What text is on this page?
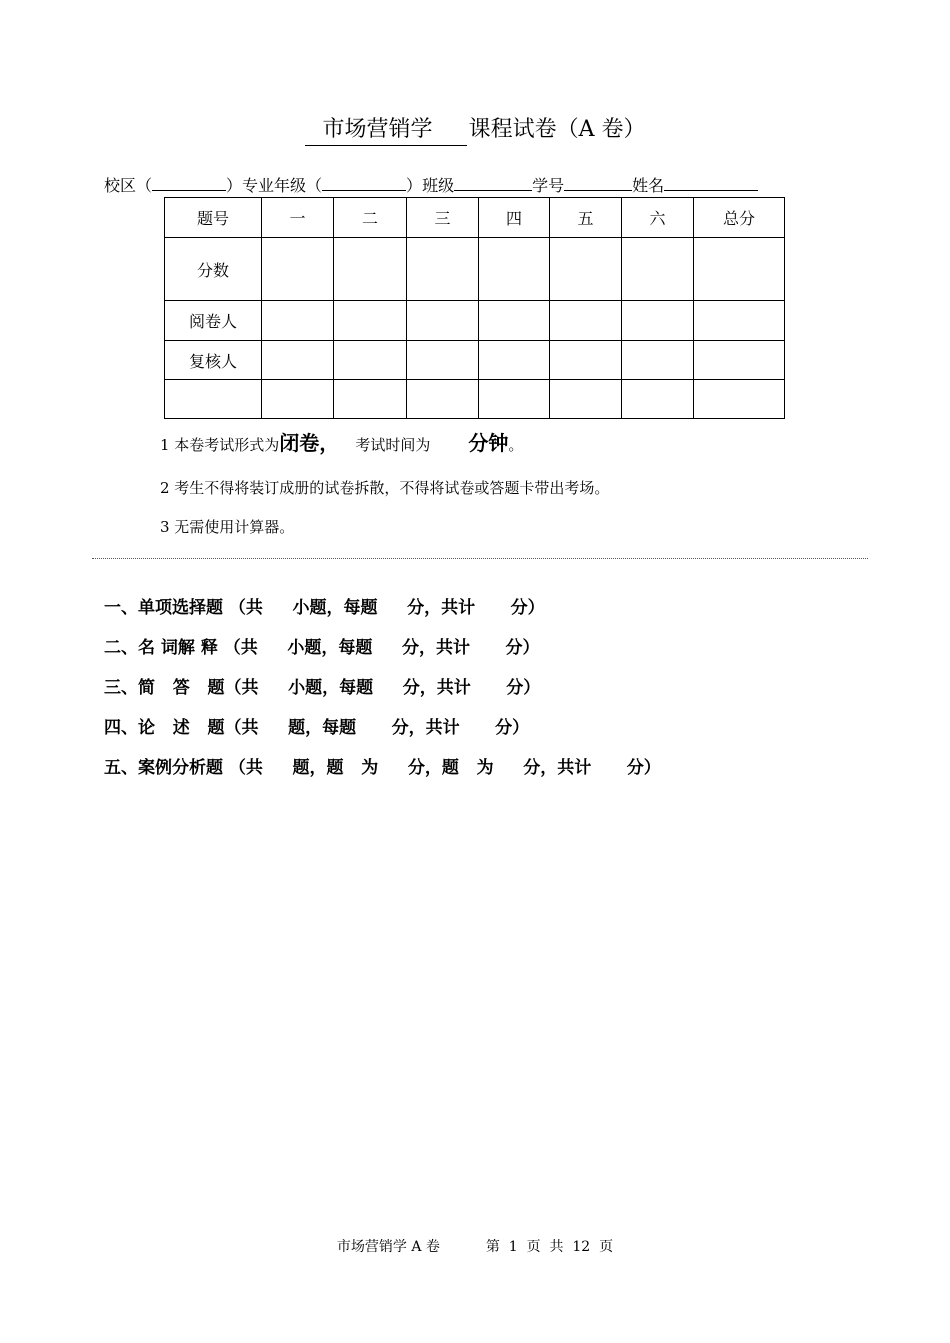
市场营销学 课程试卷（A 卷）
校区（	）专业年级（	）班级	学号	姓名
题号	一	二	三	四	五	六	总分
分数							
阅卷人							
复核人							

1 本卷考试形式为闭卷， 考试时间为 分钟。
2 考生不得将装订成册的试卷拆散，不得将试卷或答题卡带出考场。
3 无需使用计算器。
一、单项选择题 （共     小题，每题     分，共计      分）
二、名 词解 释 （共     小题，每题     分，共计      分）
三、简   答   题（共     小题，每题     分，共计      分）
四、论   述   题（共     题，每题      分，共计      分）
五、案例分析题 （共     题，题   为     分，题   为     分，共计      分）
市场营销学 A 卷	第  1  页  共  12  页
